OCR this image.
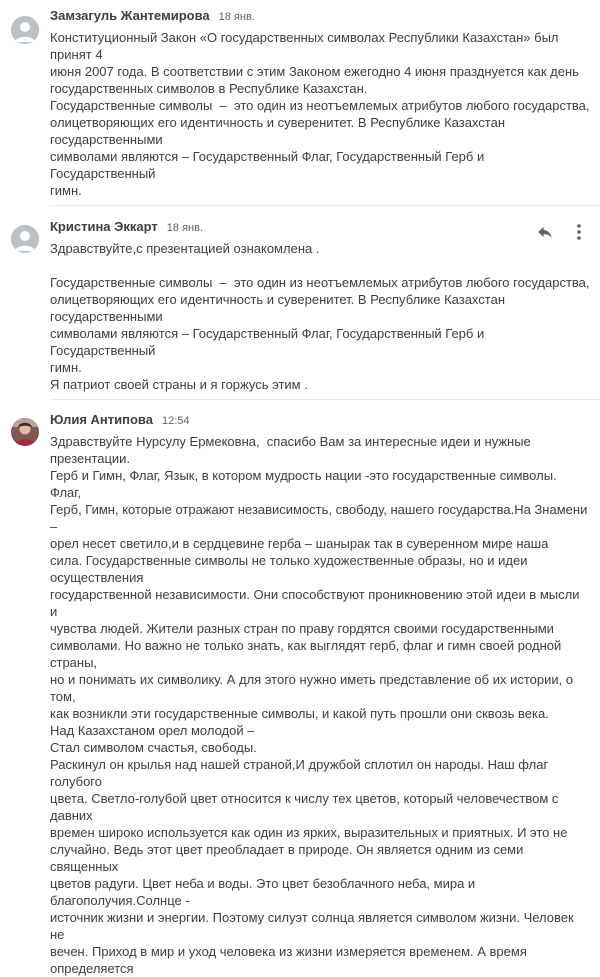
Замзагуль Жантемирова 18 янв.

Конституционный Закон «О государственных символах Республики Казахстан» был принят 4

июня 2007 года. В соответствии с этим Законом ежегодно 4 июня празднуется как день

государственных символов в Республике Казахстан.

Государственные символы  –  это один из неотъемлемых атрибутов любого государства,

олицетворяющих его идентичность и суверенитет. В Республике Казахстан государственными

символами являются – Государственный Флаг, Государственный Герб и Государственный

гимн.

Кристина Эккарт 18 янв.

Здравствуйте,с презентацией ознакомлена .

Государственные символы  –  это один из неотъемлемых атрибутов любого государства,

олицетворяющих его идентичность и суверенитет. В Республике Казахстан государственными

символами являются – Государственный Флаг, Государственный Герб и Государственный

гимн.

Я патриот своей страны и я горжусь этим .

Юлия Антипова 12:54

Здравствуйте Нурсулу Ермековна,  спасибо Вам за интересные идеи и нужные презентации.

Герб и Гимн, Флаг, Язык, в котором мудрость нации -это государственные символы. Флаг,

Герб, Гимн, которые отражают независимость, свободу, нашего государства.На Знамени –

орел несет светило,и в сердцевине герба – шанырак так в суверенном мире наша

сила. Государственные символы не только художественные образы, но и идеи осуществления

государственной независимости. Они способствуют проникновению этой идеи в мысли и

чувства людей. Жители разных стран по праву гордятся своими государственными

символами. Но важно не только знать, как выглядят герб, флаг и гимн своей родной страны,

но и понимать их символику. А для этого нужно иметь представление об их истории, о том,

как возникли эти государственные символы, и какой путь прошли они сквозь века.

Над Казахстаном орел молодой –

Стал символом счастья, свободы.

Раскинул он крылья над нашей страной,И дружбой сплотил он народы. Наш флаг голубого

цвета. Светло-голубой цвет относится к числу тех цветов, который человечеством с давних

времен широко используется как один из ярких, выразительных и приятных. И это не

случайно. Ведь этот цвет преобладает в природе. Он является одним из семи священных

цветов радуги. Цвет неба и воды. Это цвет безоблачного неба, мира и благополучия.Солнце -

источник жизни и энергии. Поэтому силуэт солнца является символом жизни. Человек не

вечен. Приход в мир и уход человека из жизни измеряется временем. А время определяется
